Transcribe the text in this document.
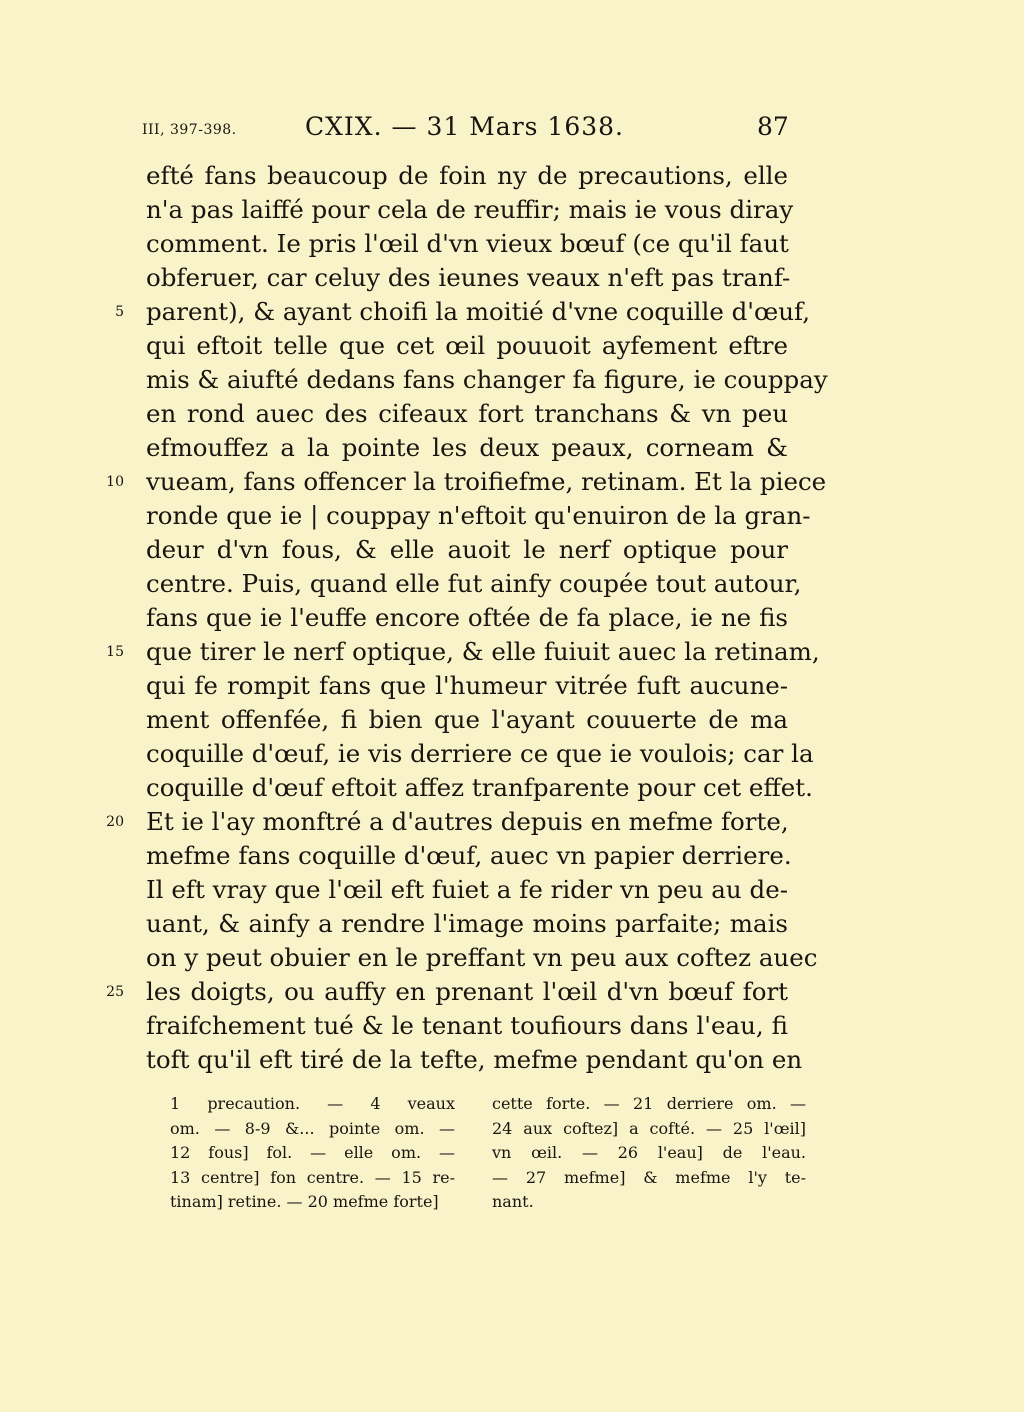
III, 397-398.	CXIX. — 31 Mars 1638.	87
efté fans beaucoup de foin ny de precautions, elle
n'a pas laiffé pour cela de reuffir; mais ie vous diray
comment. Ie pris l'œil d'vn vieux bœuf (ce qu'il faut
obferuer, car celuy des ieunes veaux n'eft pas tranf-
5 parent), & ayant choifi la moitié d'vne coquille d'œuf,
qui eftoit telle que cet œil pouuoit ayfement eftre
mis & aiufté dedans fans changer fa figure, ie couppay
en rond auec des cifeaux fort tranchans & vn peu
efmouffez a la pointe les deux peaux, corneam &
10 vueam, fans offencer la troifiefme, retinam. Et la piece
ronde que ie | couppay n'eftoit qu'enuiron de la gran-
deur d'vn fous, & elle auoit le nerf optique pour
centre. Puis, quand elle fut ainfy coupée tout autour,
fans que ie l'euffe encore oftée de fa place, ie ne fis
15 que tirer le nerf optique, & elle fuiuit auec la retinam,
qui fe rompit fans que l'humeur vitrée fuft aucune-
ment offenfée, fi bien que l'ayant couuerte de ma
coquille d'œuf, ie vis derriere ce que ie voulois; car la
coquille d'œuf eftoit affez tranfparente pour cet effet.
20 Et ie l'ay monftré a d'autres depuis en mefme forte,
mefme fans coquille d'œuf, auec vn papier derriere.
Il eft vray que l'œil eft fuiet a fe rider vn peu au de-
uant, & ainfy a rendre l'image moins parfaite; mais
on y peut obuier en le preffant vn peu aux coftez auec
25 les doigts, ou auffy en prenant l'œil d'vn bœuf fort
fraifchement tué & le tenant toufiours dans l'eau, fi
toft qu'il eft tiré de la tefte, mefme pendant qu'on en
1 precaution. — 4 veaux
om. — 8-9 &... pointe om. —
12 fous] fol. — elle om. —
13 centre] fon centre. — 15 re-
tinam] retine. — 20 mefme forte]
cette forte. — 21 derriere om. —
24 aux coftez] a cofté. — 25 l'œil]
vn œil. — 26 l'eau] de l'eau.
— 27 mefme] & mefme l'y te-
nant.
